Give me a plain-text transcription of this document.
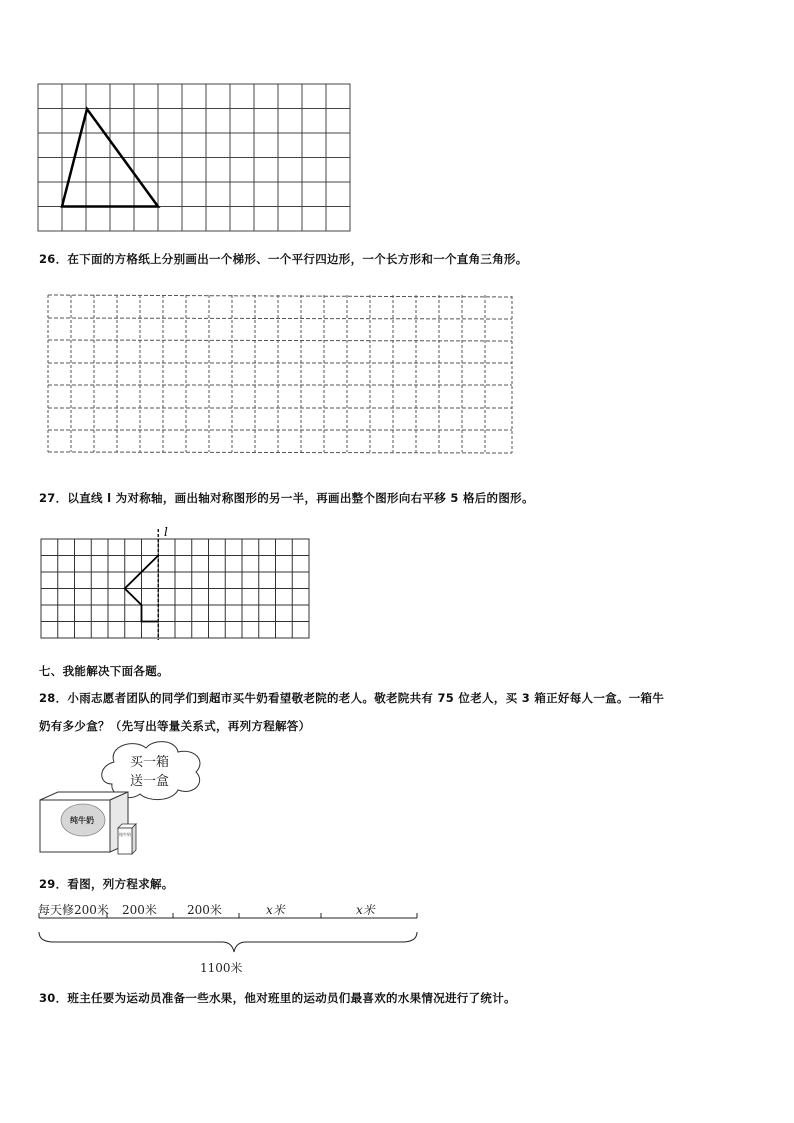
26．在下面的方格纸上分别画出一个梯形、一个平行四边形，一个长方形和一个直角三角形。
27．以直线 l 为对称轴，画出轴对称图形的另一半，再画出整个图形向右平移 5 格后的图形。
l
七、我能解决下面各题。
28．小雨志愿者团队的同学们到超市买牛奶看望敬老院的老人。敬老院共有 75 位老人，买 3 箱正好每人一盒。一箱牛
奶有多少盒？（先写出等量关系式，再列方程解答）
买一箱
送一盒
纯牛奶
纯牛奶
29．看图，列方程求解。
每天修200米 200米	200米	x米	x米
1100米
30．班主任要为运动员准备一些水果，他对班里的运动员们最喜欢的水果情况进行了统计。
